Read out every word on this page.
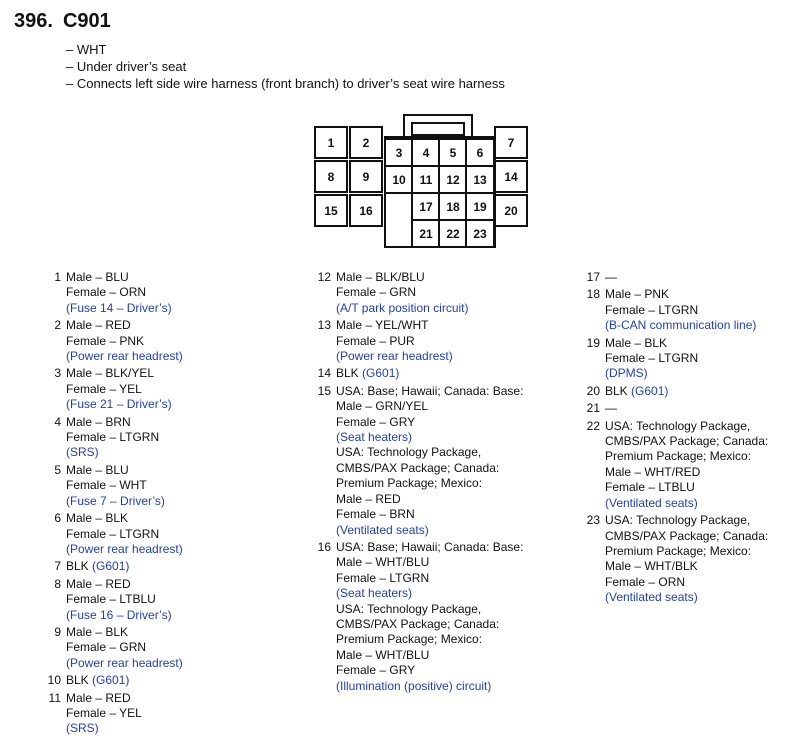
396. C901
– WHT
– Under driver’s seat
– Connects left side wire harness (front branch) to driver’s seat wire harness
1 2
8 9
15 16
3 4 5 6
10 11 12 13
17 18 19
21 22 23
7
14
20
1 Male – BLU
Female – ORN
(Fuse 14 – Driver’s)
2 Male – RED
Female – PNK
(Power rear headrest)
3 Male – BLK/YEL
Female – YEL
(Fuse 21 – Driver’s)
4 Male – BRN
Female – LTGRN
(SRS)
5 Male – BLU
Female – WHT
(Fuse 7 – Driver’s)
6 Male – BLK
Female – LTGRN
(Power rear headrest)
7 BLK (G601)
8 Male – RED
Female – LTBLU
(Fuse 16 – Driver’s)
9 Male – BLK
Female – GRN
(Power rear headrest)
10 BLK (G601)
11 Male – RED
Female – YEL
(SRS)
12 Male – BLK/BLU
Female – GRN
(A/T park position circuit)
13 Male – YEL/WHT
Female – PUR
(Power rear headrest)
14 BLK (G601)
15 USA: Base; Hawaii; Canada: Base:
Male – GRN/YEL
Female – GRY
(Seat heaters)
USA: Technology Package,
CMBS/PAX Package; Canada:
Premium Package; Mexico:
Male – RED
Female – BRN
(Ventilated seats)
16 USA: Base; Hawaii; Canada: Base:
Male – WHT/BLU
Female – LTGRN
(Seat heaters)
USA: Technology Package,
CMBS/PAX Package; Canada:
Premium Package; Mexico:
Male – WHT/BLU
Female – GRY
(Illumination (positive) circuit)
17 —
18 Male – PNK
Female – LTGRN
(B-CAN communication line)
19 Male – BLK
Female – LTGRN
(DPMS)
20 BLK (G601)
21 —
22 USA: Technology Package,
CMBS/PAX Package; Canada:
Premium Package; Mexico:
Male – WHT/RED
Female – LTBLU
(Ventilated seats)
23 USA: Technology Package,
CMBS/PAX Package; Canada:
Premium Package; Mexico:
Male – WHT/BLK
Female – ORN
(Ventilated seats)
